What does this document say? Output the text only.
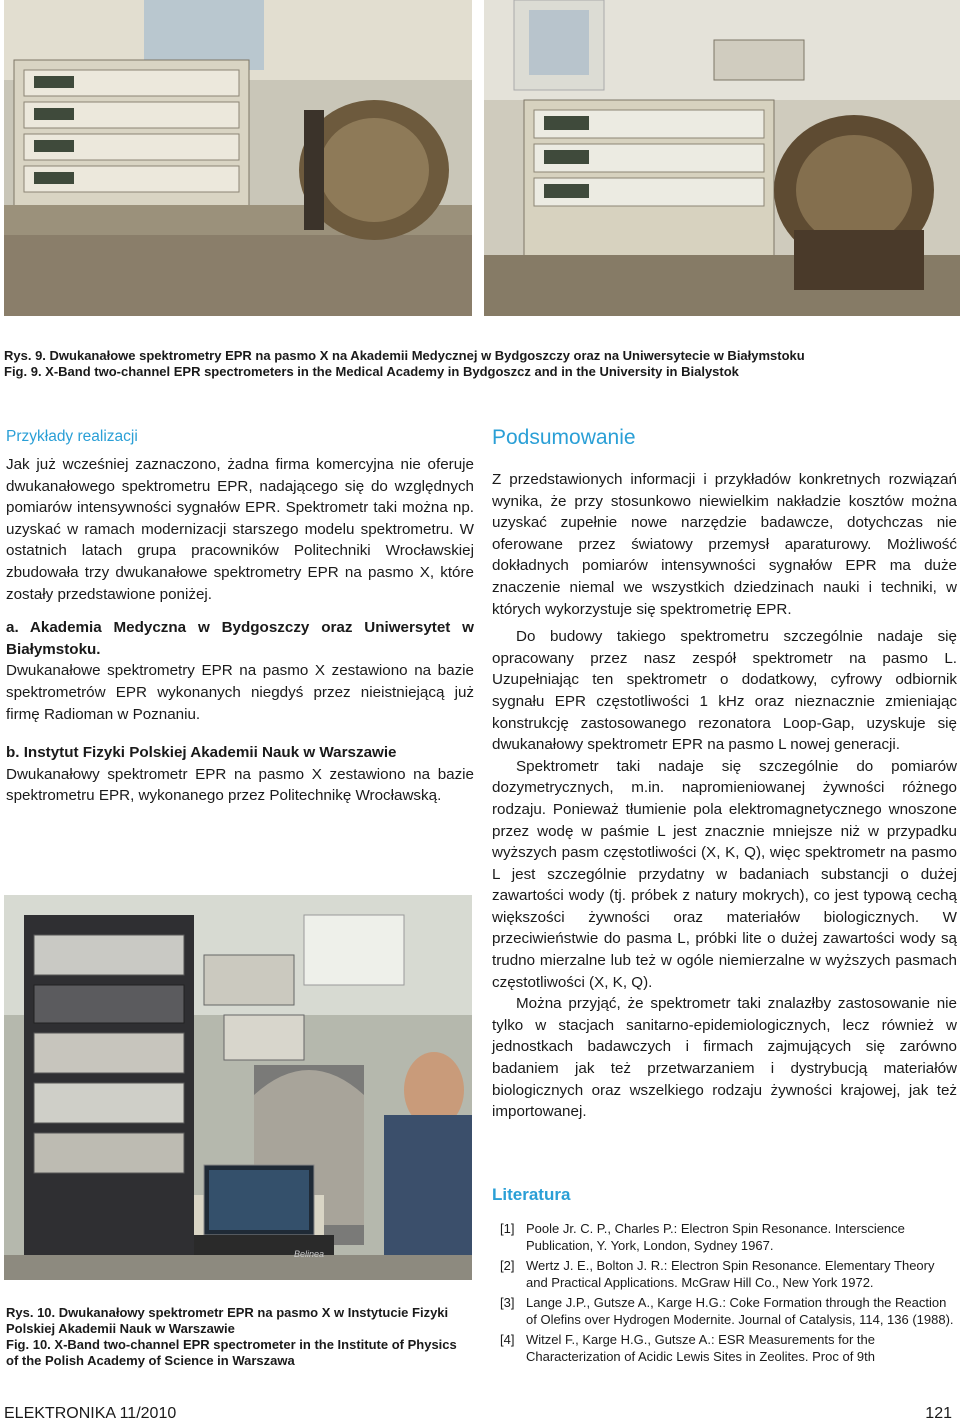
Rys. 9. Dwukanałowe spektrometry EPR na pasmo X na Akademii Medycznej w Bydgoszczy oraz na Uniwersytecie w Białymstoku

Fig. 9. X-Band two-channel EPR spectrometers in the Medical Academy in Bydgoszcz and in the University in Bialystok

Przykłady realizacji

Jak już wcześniej zaznaczono, żadna firma komercyjna nie oferuje dwukanałowego spektrometru EPR, nadającego się do względnych pomiarów intensywności sygnałów EPR. Spektrometr taki można np. uzyskać w ramach modernizacji starszego modelu spektrometru. W ostatnich latach grupa pracowników Politechniki Wrocławskiej zbudowała trzy dwukanałowe spektrometry EPR na pasmo X, które zostały przedstawione poniżej.

a. Akademia Medyczna w Bydgoszczy oraz Uniwersytet w Białymstoku.

Dwukanałowe spektrometry EPR na pasmo X zestawiono na bazie spektrometrów EPR wykonanych niegdyś przez nieistniejącą już firmę Radioman w Poznaniu.

b. Instytut Fizyki Polskiej Akademii Nauk w Warszawie

Dwukanałowy spektrometr EPR na pasmo X zestawiono na bazie spektrometru EPR, wykonanego przez Politechnikę Wrocławską.

Belinea

Rys. 10. Dwukanałowy spektrometr EPR na pasmo X w Instytucie Fizyki Polskiej Akademii Nauk w Warszawie

Fig. 10. X-Band two-channel EPR spectrometer in the Institute of Physics of the Polish Academy of Science in Warszawa

Podsumowanie

Z przedstawionych informacji i przykładów konkretnych rozwiązań wynika, że przy stosunkowo niewielkim nakładzie kosztów można uzyskać zupełnie nowe narzędzie badawcze, dotychczas nie oferowane przez światowy przemysł aparaturowy. Możliwość dokładnych pomiarów intensywności sygnałów EPR ma duże znaczenie niemal we wszystkich dziedzinach nauki i techniki, w których wykorzystuje się spektrometrię EPR.

Do budowy takiego spektrometru szczególnie nadaje się opracowany przez nasz zespół spektrometr na pasmo L. Uzupełniając ten spektrometr o dodatkowy, cyfrowy odbiornik sygnału EPR częstotliwości 1 kHz oraz nieznacznie zmieniając konstrukcję zastosowanego rezonatora Loop-Gap, uzyskuje się dwukanałowy spektrometr EPR na pasmo L nowej generacji.

Spektrometr taki nadaje się szczególnie do pomiarów dozymetrycznych, m.in. napromieniowanej żywności różnego rodzaju. Ponieważ tłumienie pola elektromagnetycznego wnoszone przez wodę w paśmie L jest znacznie mniejsze niż w przypadku wyższych pasm częstotliwości (X, K, Q), więc spektrometr na pasmo L jest szczególnie przydatny w badaniach substancji o dużej zawartości wody (tj. próbek z natury mokrych), co jest typową cechą większości żywności oraz materiałów biologicznych. W przeciwieństwie do pasma L, próbki lite o dużej zawartości wody są trudno mierzalne lub też w ogóle niemierzalne w wyższych pasmach częstotliwości (X, K, Q).

Można przyjąć, że spektrometr taki znalazłby zastosowanie nie tylko w stacjach sanitarno-epidemiologicznych, lecz również w jednostkach badawczych i firmach zajmujących się zarówno badaniem jak też przetwarzaniem i dystrybucją materiałów biologicznych oraz wszelkiego rodzaju żywności krajowej, jak też importowanej.

Literatura
[1] Poole Jr. C. P., Charles P.: Electron Spin Resonance. Interscience Publication, Y. York, London, Sydney 1967.
[2] Wertz J. E., Bolton J. R.: Electron Spin Resonance. Elementary Theory and Practical Applications. McGraw Hill Co., New York 1972.
[3] Lange J.P., Gutsze A., Karge H.G.: Coke Formation through the Reaction of Olefins over Hydrogen Modernite. Journal of Catalysis, 114, 136 (1988).
[4] Witzel F., Karge H.G., Gutsze A.: ESR Measurements for the Characterization of Acidic Lewis Sites in Zeolites. Proc of 9th
ELEKTRONIKA 11/2010	121
